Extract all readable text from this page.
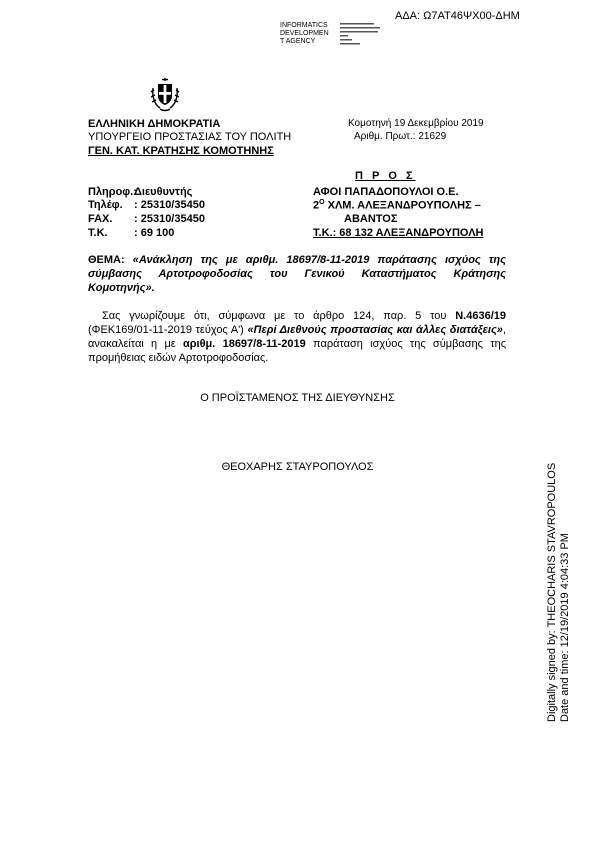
ΑΔΑ: Ω7ΑΤ46ΨΧ00-ΔΗΜ
INFORMATICS
DEVELOPMEN
T AGENCY
ΕΛΛΗΝΙΚΗ ΔΗΜΟΚΡΑΤΙΑ
ΥΠΟΥΡΓΕΙΟ ΠΡΟΣΤΑΣΙΑΣ ΤΟΥ ΠΟΛΙΤΗ
ΓΕΝ. ΚΑΤ. ΚΡΑΤΗΣΗΣ ΚΟΜΟΤΗΝΗΣ
Κομοτηνή 19 Δεκεμβρίου 2019
Αριθμ. Πρωτ.: 21629
Π Ρ Ο Σ
Πληροφ.:Διευθυντής
Τηλέφ. : 25310/35450
FAX. : 25310/35450
Τ.Κ. : 69 100
ΑΦΟΙ ΠΑΠΑΔΟΠΟΥΛΟΙ Ο.Ε.
$2^O$ ΧΛΜ. ΑΛΕΞΑΝΔΡΟΥΠΟΛΗΣ –
ΑΒΑΝΤΟΣ
Τ.Κ.: 68 132 ΑΛΕΞΑΝΔΡΟΥΠΟΛΗ
ΘΕΜΑ: «Ανάκληση της με αριθμ. 18697/8-11-2019 παράτασης ισχύος της σύμβασης Αρτοτροφοδοσίας του Γενικού Καταστήματος Κράτησης Κομοτηνής».
Σας γνωρίζουμε ότι, σύμφωνα με το άρθρο 124, παρ. 5 του Ν.4636/19 (ΦΕΚ169/01-11-2019 τεύχος Α') «Περί Διεθνούς προστασίας και άλλες διατάξεις», ανακαλείται η με αριθμ. 18697/8-11-2019 παράταση ισχύος της σύμβασης της προμήθειας ειδών Αρτοτροφοδοσίας.
Ο ΠΡΟΪΣΤΑΜΕΝΟΣ ΤΗΣ ΔΙΕΥΘΥΝΣΗΣ
ΘΕΟΧΑΡΗΣ ΣΤΑΥΡΟΠΟΥΛΟΣ	Digitally signed by: THEOCHARIS STAVROPOULOS Date and time: 12/19/2019 4:04:33 PM
